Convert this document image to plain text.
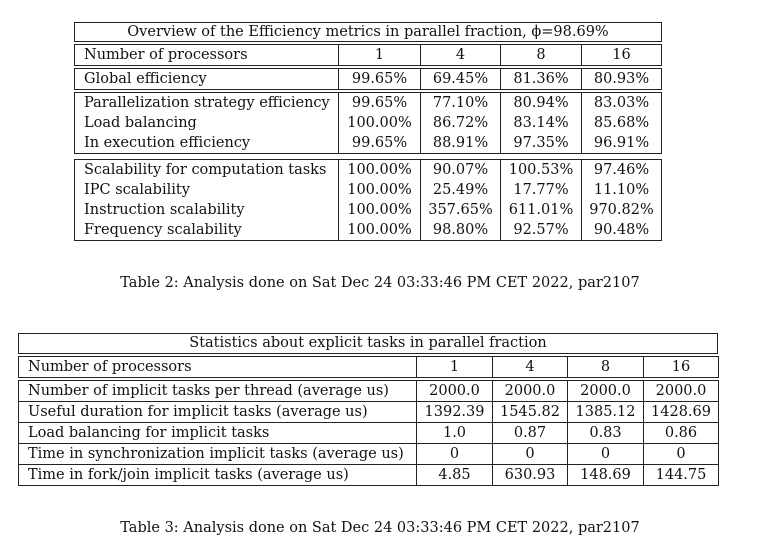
Overview of the Efficiency metrics in parallel fraction, ϕ=98.69%
Number of processors	1	4	8	16
Global efficiency	99.65%	69.45%	81.36%	80.93%
Parallelization strategy efficiency	99.65%	77.10%	80.94%	83.03%
Load balancing	100.00%	86.72%	83.14%	85.68%
In execution efficiency	99.65%	88.91%	97.35%	96.91%
Scalability for computation tasks	100.00%	90.07%	100.53%	97.46%
IPC scalability	100.00%	25.49%	17.77%	11.10%
Instruction scalability	100.00%	357.65%	611.01%	970.82%
Frequency scalability	100.00%	98.80%	92.57%	90.48%
Table 2: Analysis done on Sat Dec 24 03:33:46 PM CET 2022, par2107
Statistics about explicit tasks in parallel fraction
Number of processors	1	4	8	16
Number of implicit tasks per thread (average us)	2000.0	2000.0	2000.0	2000.0
Useful duration for implicit tasks (average us)	1392.39	1545.82	1385.12	1428.69
Load balancing for implicit tasks	1.0	0.87	0.83	0.86
Time in synchronization implicit tasks (average us)	0	0	0	0
Time in fork/join implicit tasks (average us)	4.85	630.93	148.69	144.75
Table 3: Analysis done on Sat Dec 24 03:33:46 PM CET 2022, par2107
